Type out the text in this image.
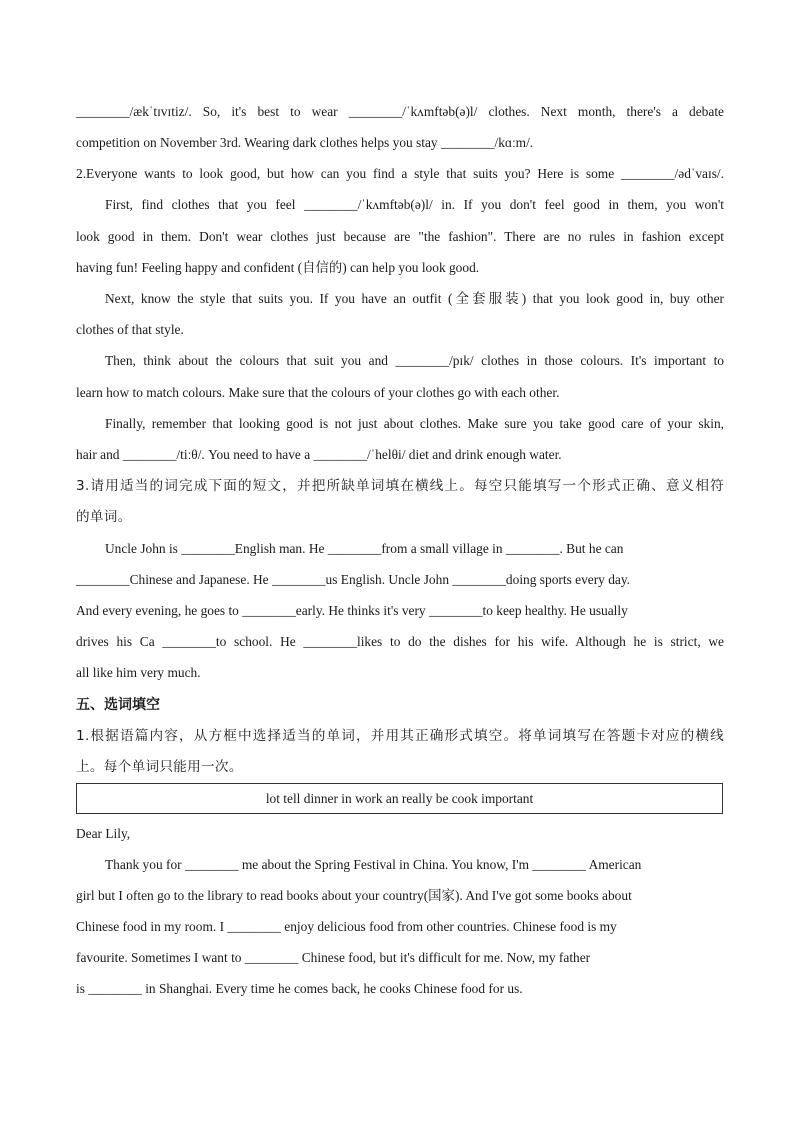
________/ækˈtɪvɪtiz/. So, it's best to wear ________/ˈkʌmftəb(ə)l/ clothes. Next month, there's a debate
competition on November 3rd. Wearing dark clothes helps you stay ________/kɑːm/.
2.Everyone wants to look good, but how can you find a style that suits you? Here is some ________/ədˈvaɪs/.
First, find clothes that you feel ________/ˈkʌmftəb(ə)l/ in. If you don't feel good in them, you won't
look good in them. Don't wear clothes just because are "the fashion". There are no rules in fashion except
having fun! Feeling happy and confident (自信的) can help you look good.
Next, know the style that suits you. If you have an outfit (全套服装) that you look good in, buy other
clothes of that style.
Then, think about the colours that suit you and ________/pɪk/ clothes in those colours. It's important to
learn how to match colours. Make sure that the colours of your clothes go with each other.
Finally, remember that looking good is not just about clothes. Make sure you take good care of your skin,
hair and ________/tiːθ/. You need to have a ________/ˈhelθi/ diet and drink enough water.
3.请用适当的词完成下面的短文，并把所缺单词填在横线上。每空只能填写一个形式正确、意义相符
的单词。
Uncle John is ________English man. He ________from a small village in ________. But he can
________Chinese and Japanese. He ________us English. Uncle John ________doing sports every day.
And every evening, he goes to ________early. He thinks it's very ________to keep healthy. He usually
drives his Ca ________to school. He ________likes to do the dishes for his wife. Although he is strict, we
all like him very much.
五、选词填空
1.根据语篇内容，从方框中选择适当的单词，并用其正确形式填空。将单词填写在答题卡对应的横线
上。每个单词只能用一次。
lot tell dinner in work an really be cook important
Dear Lily,
Thank you for ________ me about the Spring Festival in China. You know, I'm ________ American
girl but I often go to the library to read books about your country(国家). And I've got some books about
Chinese food in my room. I ________ enjoy delicious food from other countries. Chinese food is my
favourite. Sometimes I want to ________ Chinese food, but it's difficult for me. Now, my father
is ________ in Shanghai. Every time he comes back, he cooks Chinese food for us.
